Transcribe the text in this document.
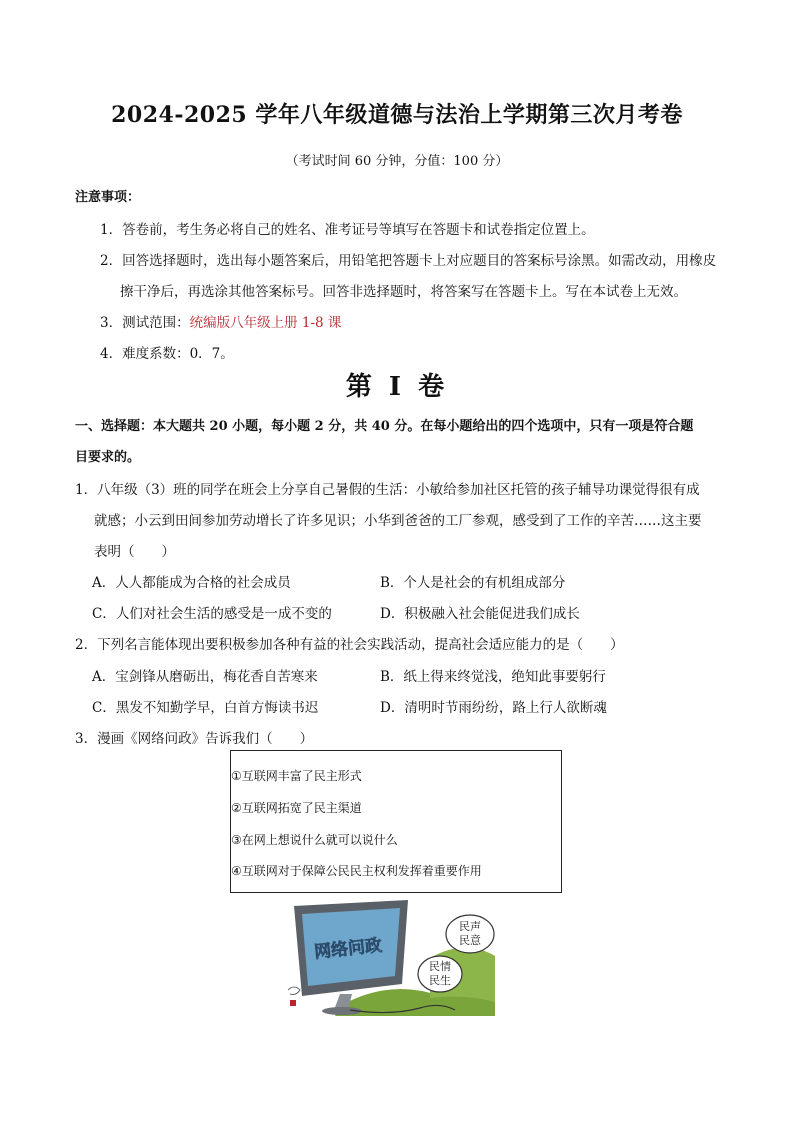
2024-2025 学年八年级道德与法治上学期第三次月考卷
（考试时间 60 分钟，分值：100 分）
注意事项：
1．答卷前，考生务必将自己的姓名、准考证号等填写在答题卡和试卷指定位置上。
2．回答选择题时，选出每小题答案后，用铅笔把答题卡上对应题目的答案标号涂黑。如需改动，用橡皮
擦干净后，再选涂其他答案标号。回答非选择题时，将答案写在答题卡上。写在本试卷上无效。
3．测试范围：统编版八年级上册 1-8 课
4．难度系数：0．7。
第 I 卷
一、选择题：本大题共 20 小题，每小题 2 分，共 40 分。在每小题给出的四个选项中，只有一项是符合题
目要求的。
1．八年级（3）班的同学在班会上分享自己暑假的生活：小敏给参加社区托管的孩子辅导功课觉得很有成
就感；小云到田间参加劳动增长了许多见识；小华到爸爸的工厂参观，感受到了工作的辛苦……这主要
表明（　　）
A．人人都能成为合格的社会成员	B．个人是社会的有机组成部分
C．人们对社会生活的感受是一成不变的	D．积极融入社会能促进我们成长
2．下列名言能体现出要积极参加各种有益的社会实践活动，提高社会适应能力的是（　　）
A．宝剑锋从磨砺出，梅花香自苦寒来	B．纸上得来终觉浅，绝知此事要躬行
C．黑发不知勤学早，白首方悔读书迟	D．清明时节雨纷纷，路上行人欲断魂
3．漫画《网络问政》告诉我们（　　）
①互联网丰富了民主形式
②互联网拓宽了民主渠道
③在网上想说什么就可以说什么
④互联网对于保障公民民主权利发挥着重要作用
网络问政
民声
民意
民情
民生
